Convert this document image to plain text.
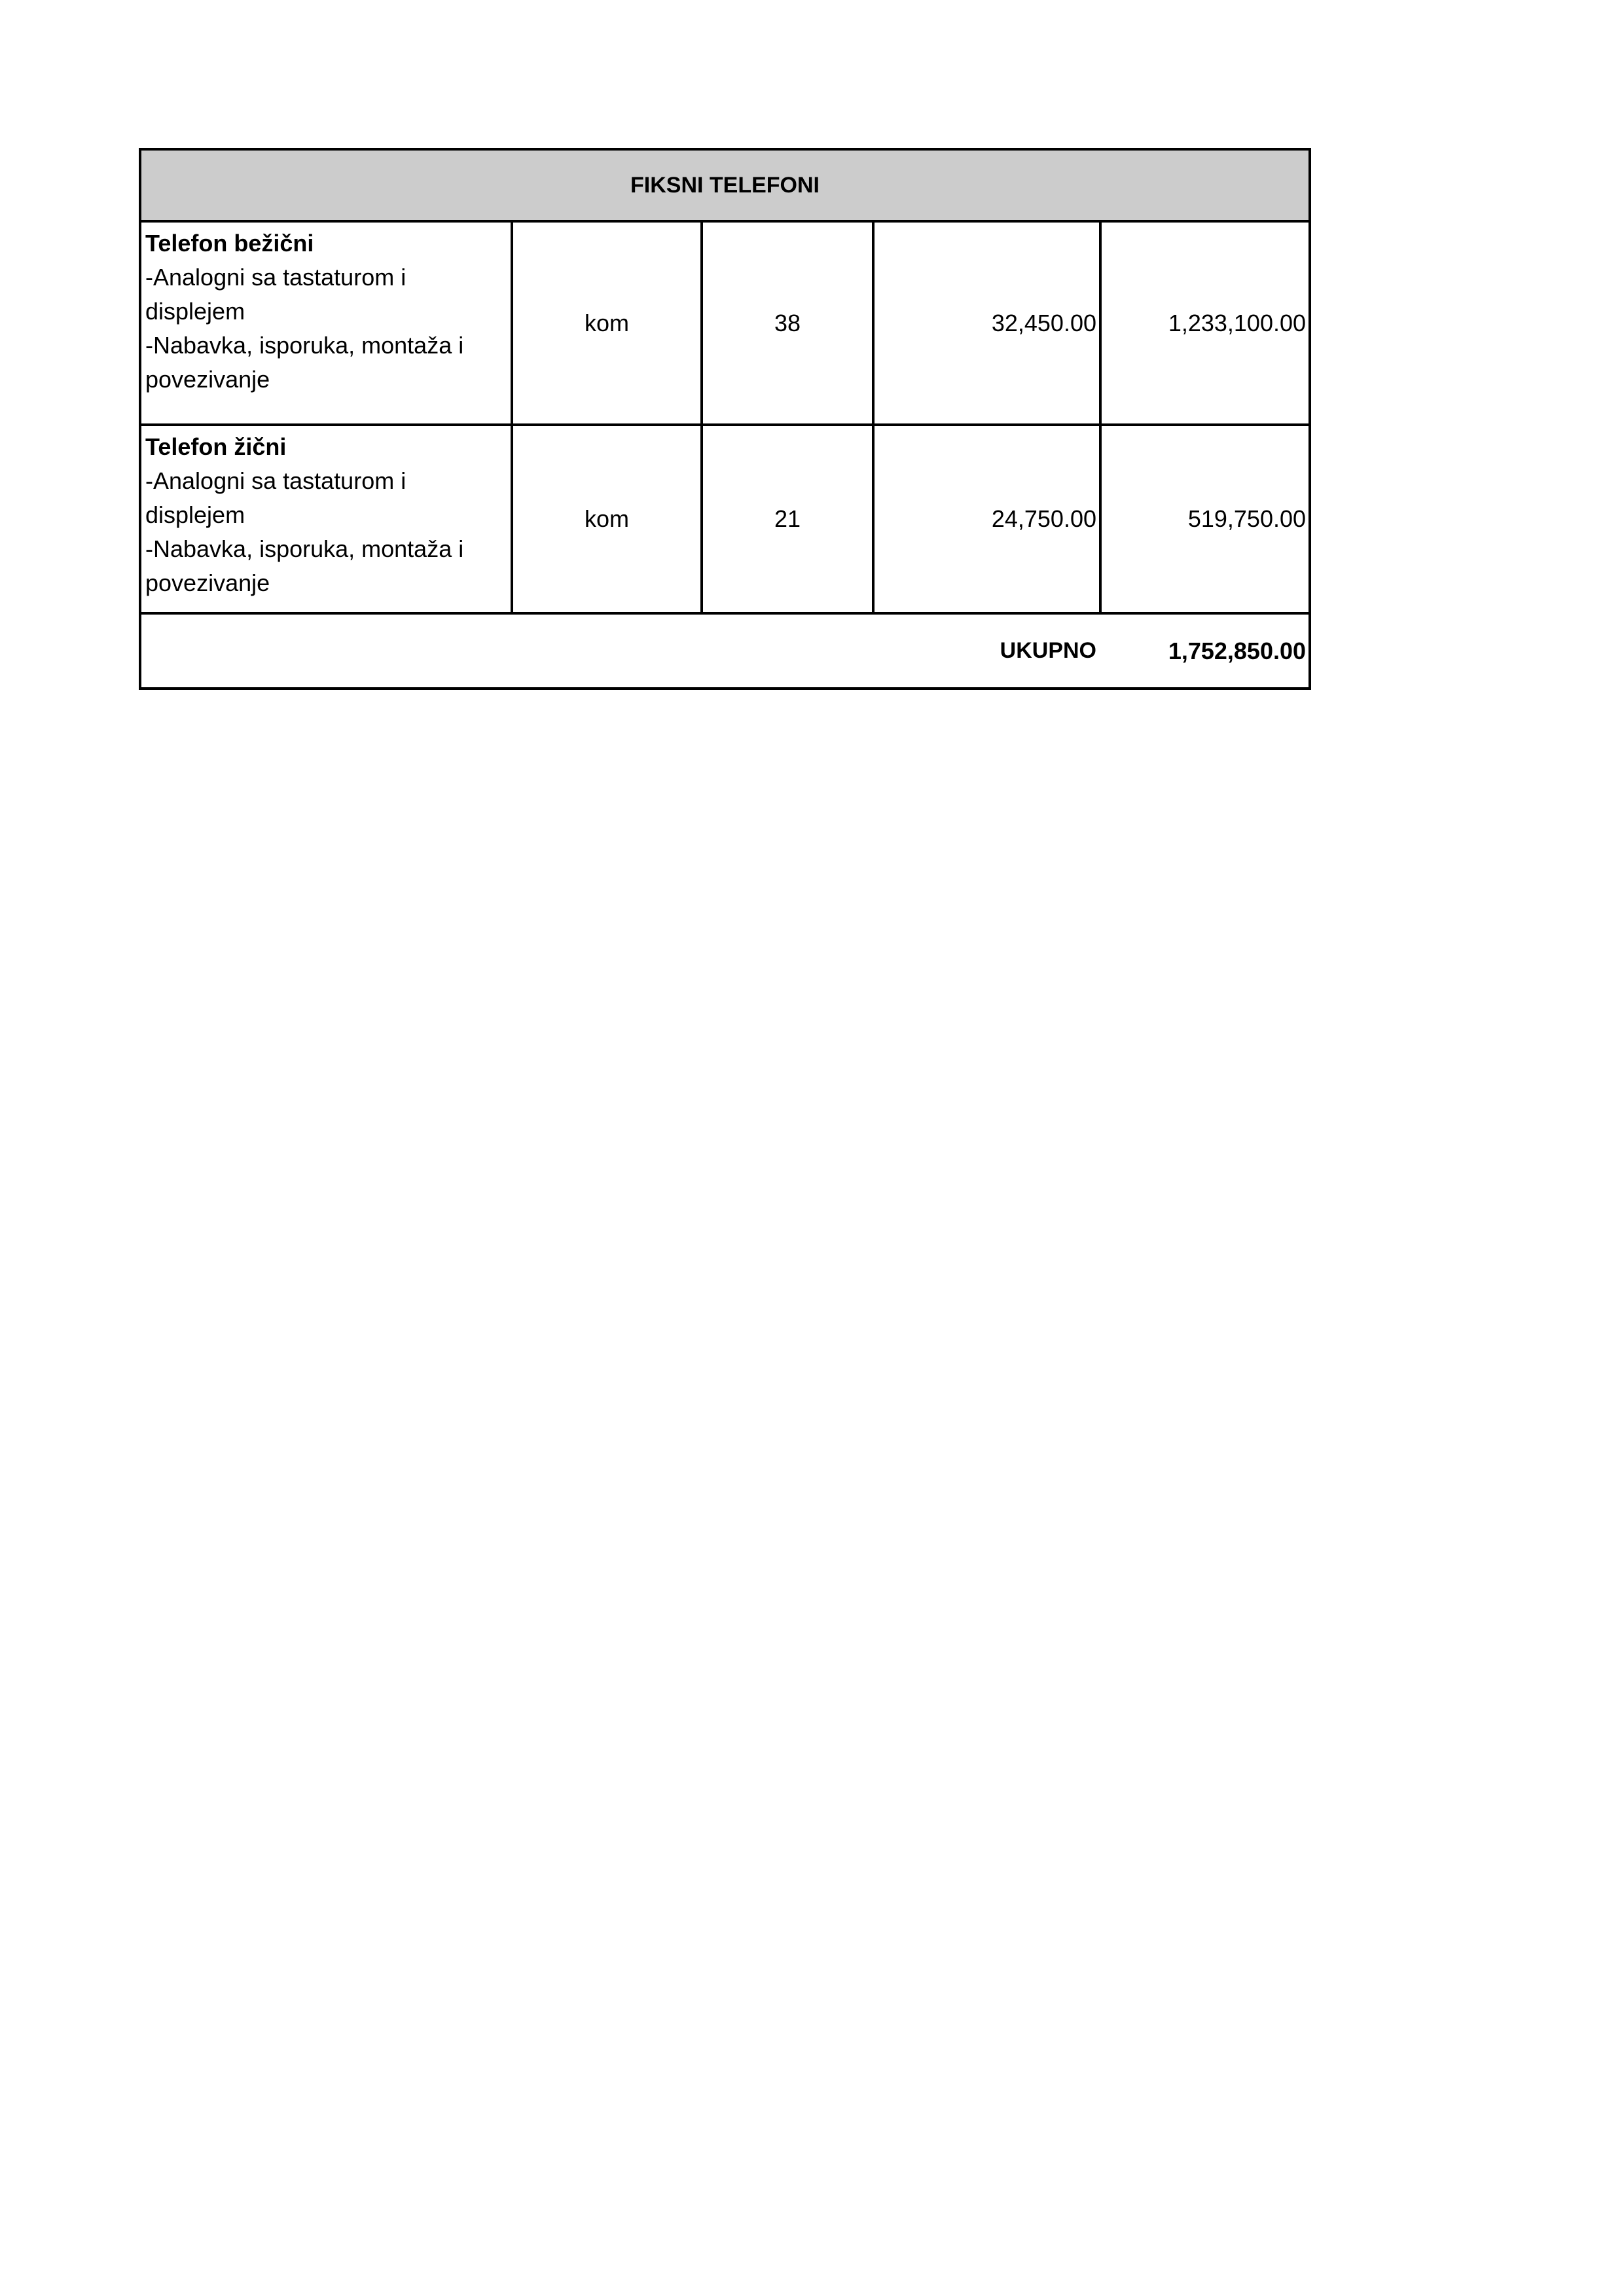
FIKSNI TELEFONI				

Telefon bežični
-Analogni sa tastaturom i
displejem
-Nabavka, isporuka, montaža i
povezivanje	kom	38	32,450.00	1,233,100.00

Telefon žični
-Analogni sa tastaturom i
displejem
-Nabavka, isporuka, montaža i
povezivanje	kom	21	24,750.00	519,750.00
UKUPNO				1,752,850.00
